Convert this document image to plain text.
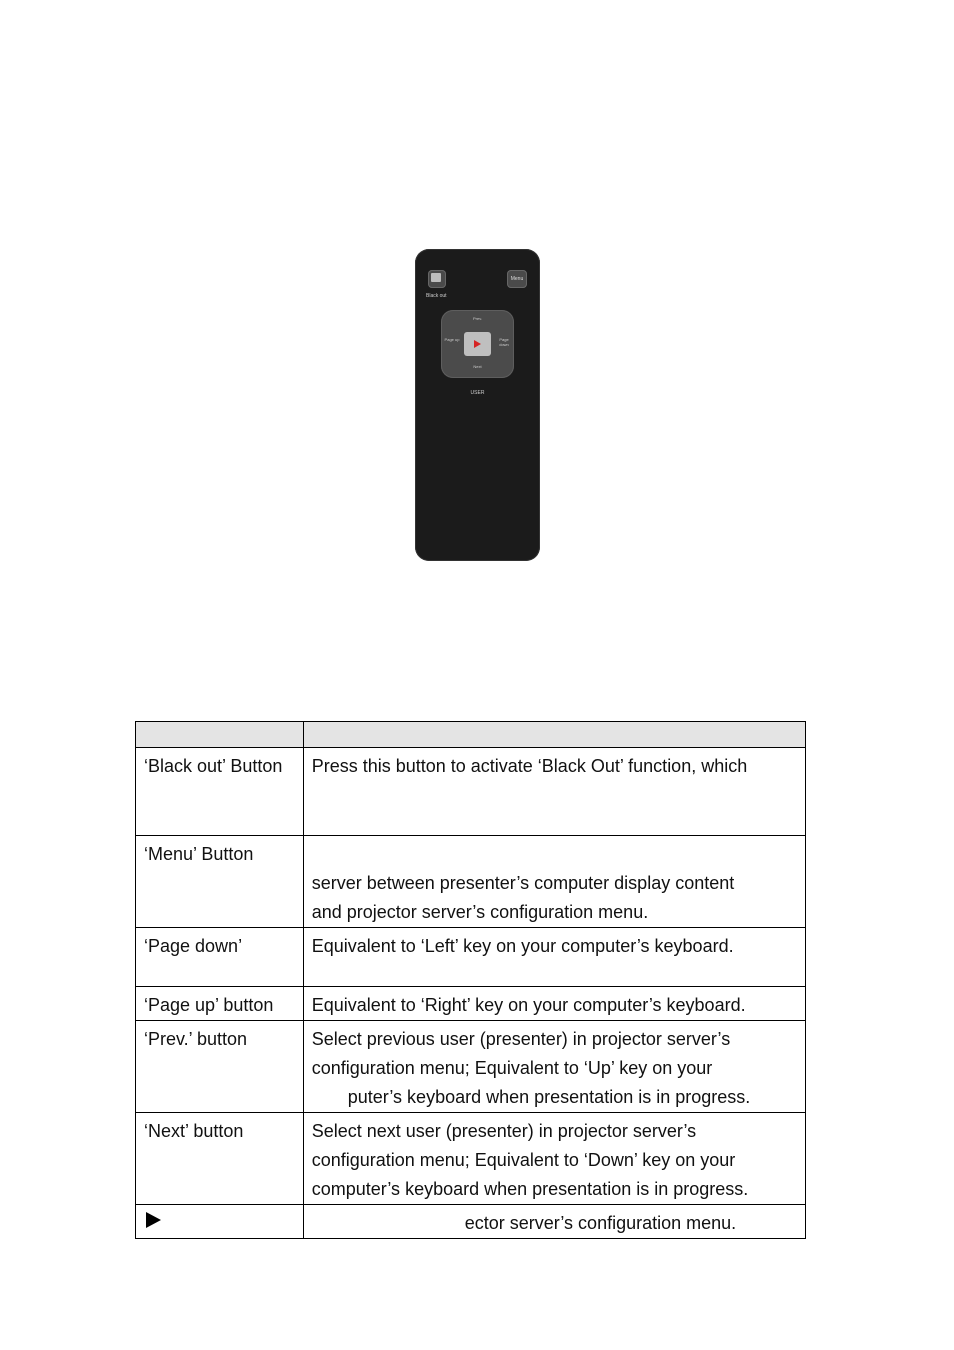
Black out
Menu
Prev.
Page up	Page down
Next
USER

‘Black out’ Button	Press this button to activate ‘Black Out’ function, which
‘Menu’ Button	server between presenter’s computer display content
and projector server’s configuration menu.
‘Page down’	Equivalent to ‘Left’ key on your computer’s keyboard.
‘Page up’ button	Equivalent to ‘Right’ key on your computer’s keyboard.
‘Prev.’ button	Select previous user (presenter) in projector server’s
configuration menu; Equivalent to ‘Up’ key on your
puter’s keyboard when presentation is in progress.
‘Next’ button	Select next user (presenter) in projector server’s
configuration menu; Equivalent to ‘Down’ key on your
computer’s keyboard when presentation is in progress.
	ector server’s configuration menu.
